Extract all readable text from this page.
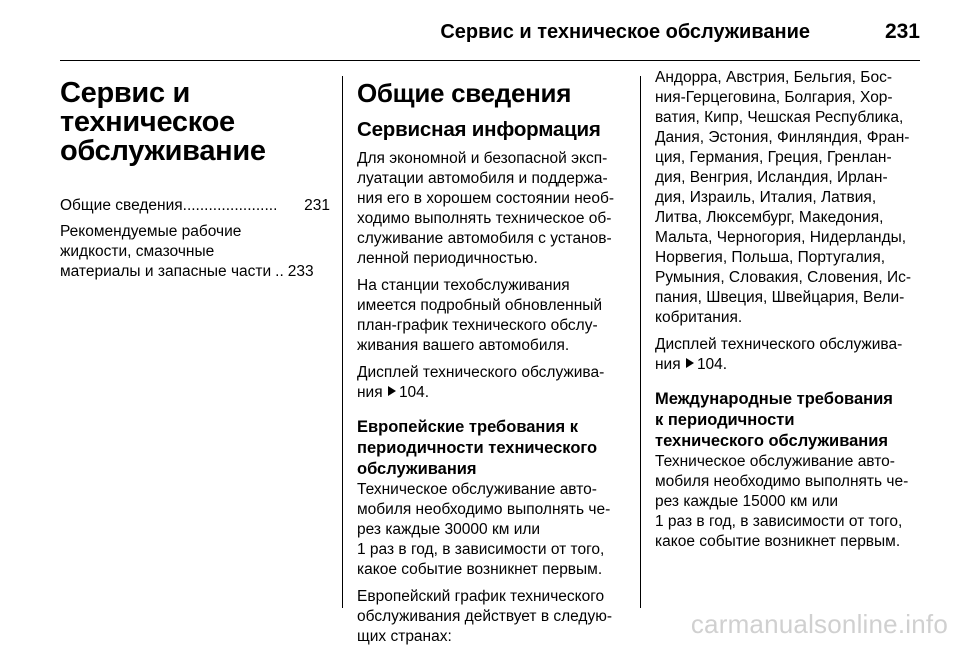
Сервис и техническое обслуживание	231
Сервис и
техническое
обслуживание
Общие сведения ......................	231
Рекомендуемые рабочие
жидкости, смазочные
материалы и запасные части .. 233
Общие сведения
Сервисная информация

Для экономной и безопасной эксп-
луатации автомобиля и поддержа-
ния его в хорошем состоянии необ-
ходимо выполнять техническое об-
служивание автомобиля с установ-
ленной периодичностью.

На станции техобслуживания
имеется подробный обновленный
план-график технического обслу-
живания вашего автомобиля.

Дисплей технического обслужива-
ния 104.

Европейские требования к
периодичности технического
обслуживания

Техническое обслуживание авто-
мобиля необходимо выполнять че-
рез каждые 30000 км или
1 раз в год, в зависимости от того,
какое событие возникнет первым.

Европейский график технического
обслуживания действует в следую-
щих странах:

Андорра, Австрия, Бельгия, Бос-
ния-Герцеговина, Болгария, Хор-
ватия, Кипр, Чешская Республика,
Дания, Эстония, Финляндия, Фран-
ция, Германия, Греция, Гренлан-
дия, Венгрия, Исландия, Ирлан-
дия, Израиль, Италия, Латвия,
Литва, Люксембург, Македония,
Мальта, Черногория, Нидерланды,
Норвегия, Польша, Португалия,
Румыния, Словакия, Словения, Ис-
пания, Швеция, Швейцария, Вели-
кобритания.

Дисплей технического обслужива-
ния 104.

Международные требования
к периодичности
технического обслуживания

Техническое обслуживание авто-
мобиля необходимо выполнять че-
рез каждые 15000 км или
1 раз в год, в зависимости от того,
какое событие возникнет первым.

carmanualsonline.info
